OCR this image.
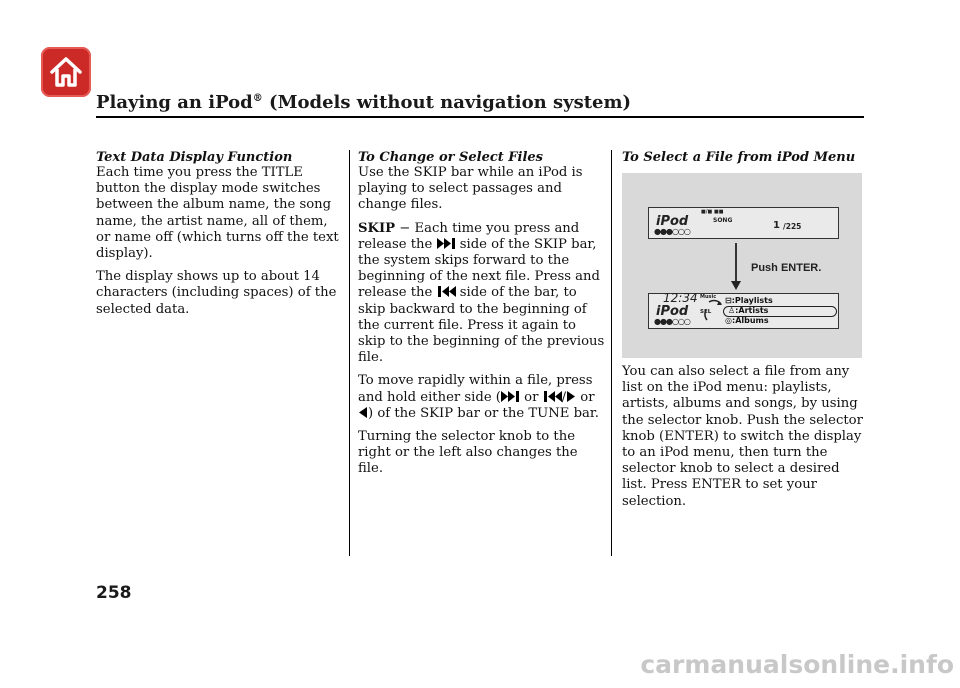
Playing an iPod® (Models without navigation system)
Text Data Display Function

Each time you press the TITLE button the display mode switches between the album name, the song name, the artist name, all of them, or name off (which turns off the text display).

The display shows up to about 14 characters (including spaces) of the selected data.

To Change or Select Files

Use the SKIP bar while an iPod is playing to select passages and change files.

SKIP − Each time you press and release the  side of the SKIP bar, the system skips forward to the beginning of the next file. Press and release the  side of the bar, to skip backward to the beginning of the current file. Press it again to skip to the beginning of the previous file.

To move rapidly within a file, press and hold either side ( or / or ) of the SKIP bar or the TUNE bar.

Turning the selector knob to the right or the left also changes the file.

To Select a File from iPod Menu
■/■ ■■
SONG
iPod
●●●○○○
1 /225
Push ENTER.
12:34
iPod
●●●○○○
Music
SEL
⊟:Playlists
♙:Artists
◎:Albums

You can also select a file from any list on the iPod menu: playlists, artists, albums and songs, by using the selector knob. Push the selector knob (ENTER) to switch the display to an iPod menu, then turn the selector knob to select a desired list. Press ENTER to set your selection.

258
carmanualsonline.info
